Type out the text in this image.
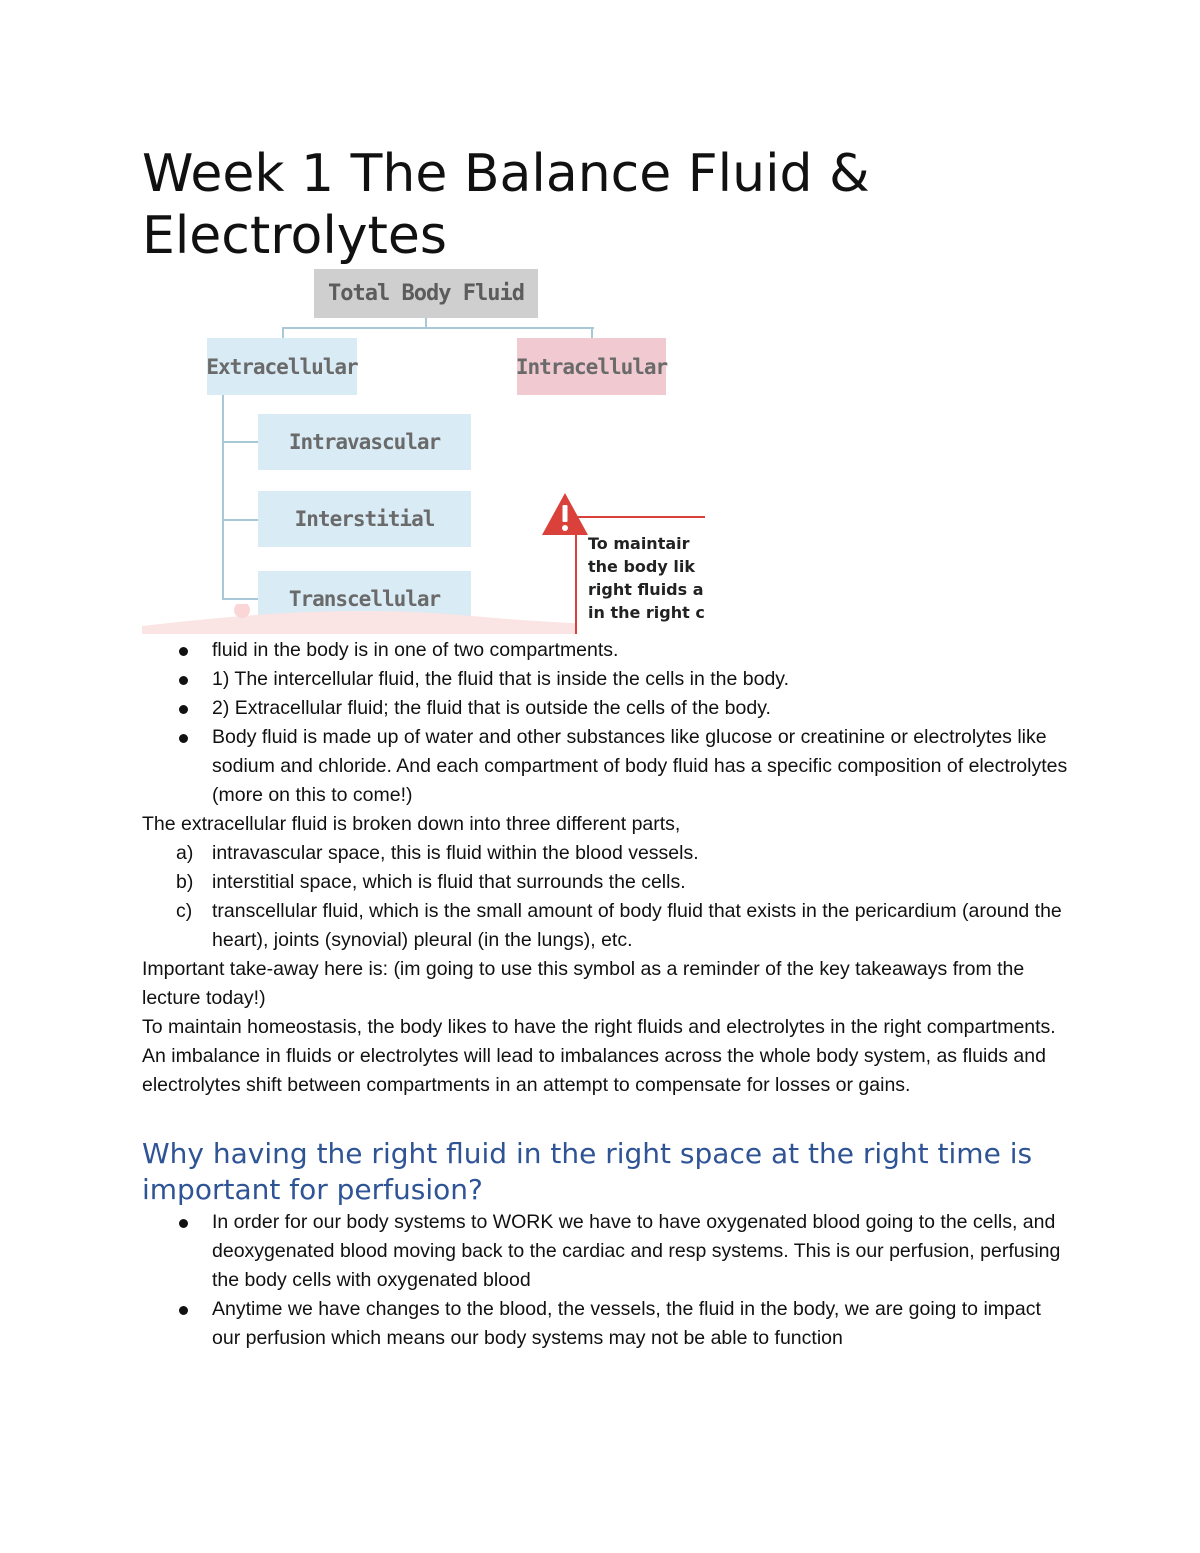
Week 1 The Balance Fluid & Electrolytes
Total Body Fluid
Extracellular	Intracellular
Intravascular
Interstitial
Transcellular
To maintair
the body lik
right fluids a
in the right c
fluid in the body is in one of two compartments.
1) The intercellular fluid, the fluid that is inside the cells in the body.
2) Extracellular fluid; the fluid that is outside the cells of the body.
Body fluid is made up of water and other substances like glucose or creatinine or electrolytes like sodium and chloride. And each compartment of body fluid has a specific composition of electrolytes (more on this to come!)

The extracellular fluid is broken down into three different parts,

a) intravascular space, this is fluid within the blood vessels.
b) interstitial space, which is fluid that surrounds the cells.
c) transcellular fluid, which is the small amount of body fluid that exists in the pericardium (around the heart), joints (synovial) pleural (in the lungs), etc.

Important take-away here is: (im going to use this symbol as a reminder of the key takeaways from the lecture today!)

To maintain homeostasis, the body likes to have the right fluids and electrolytes in the right compartments. An imbalance in fluids or electrolytes will lead to imbalances across the whole body system, as fluids and electrolytes shift between compartments in an attempt to compensate for losses or gains.

Why having the right fluid in the right space at the right time is important for perfusion?
In order for our body systems to WORK we have to have oxygenated blood going to the cells, and deoxygenated blood moving back to the cardiac and resp systems. This is our perfusion, perfusing the body cells with oxygenated blood
Anytime we have changes to the blood, the vessels, the fluid in the body, we are going to impact our perfusion which means our body systems may not be able to function
